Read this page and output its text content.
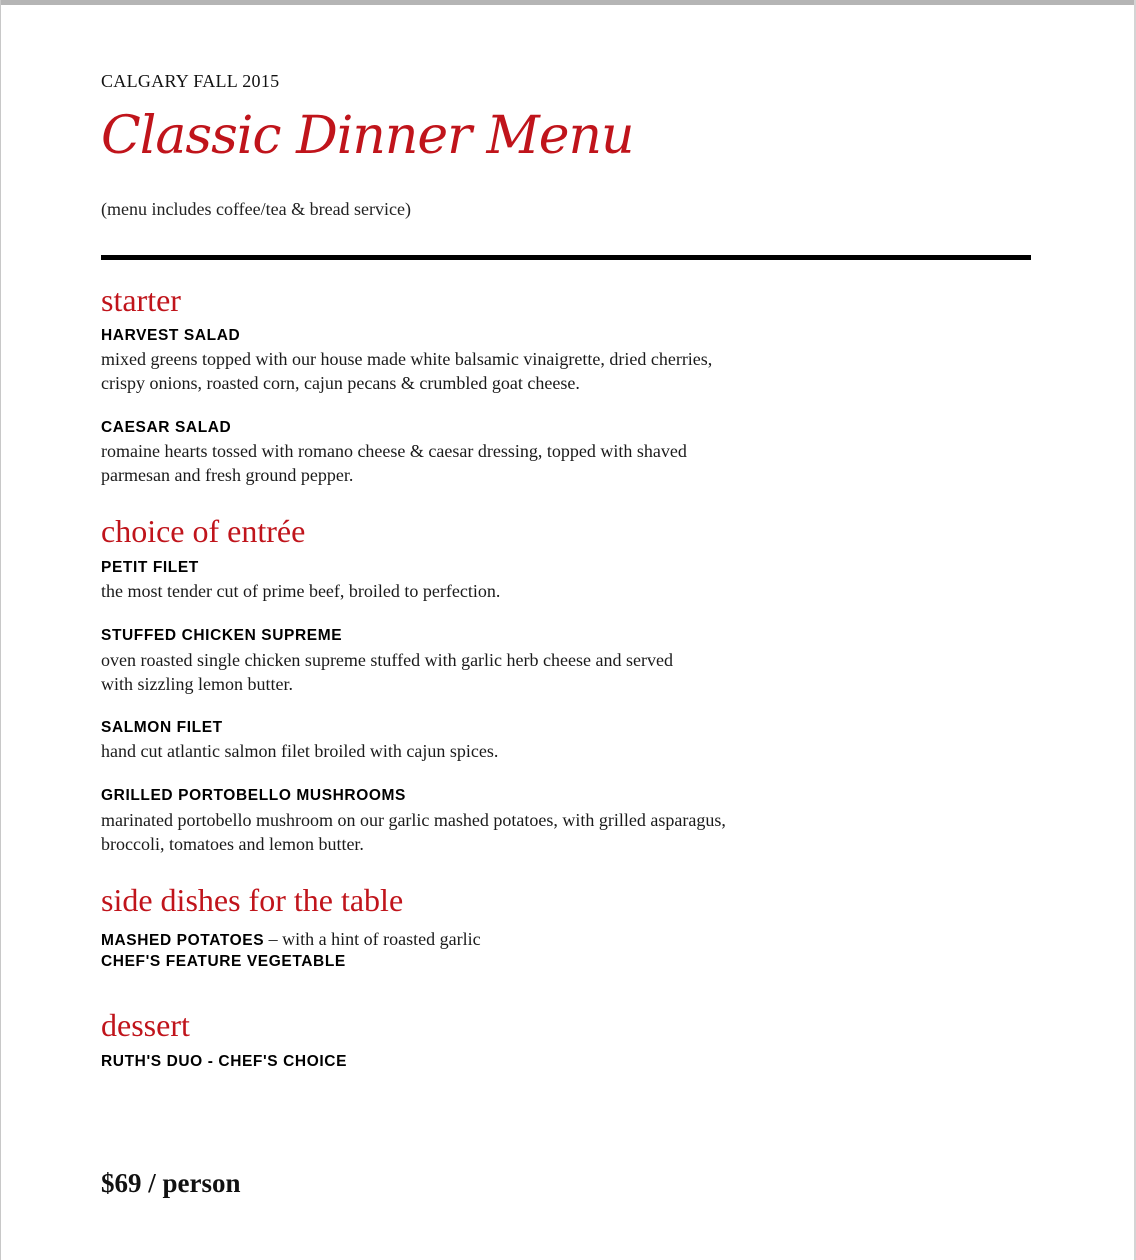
CALGARY FALL 2015
Classic Dinner Menu
(menu includes coffee/tea & bread service)
starter
HARVEST SALAD
mixed greens topped with our house made white balsamic vinaigrette, dried cherries, crispy onions, roasted corn, cajun pecans & crumbled goat cheese.
CAESAR SALAD
romaine hearts tossed with romano cheese & caesar dressing, topped with shaved parmesan and fresh ground pepper.
choice of entrée
PETIT FILET
the most tender cut of prime beef, broiled to perfection.
STUFFED CHICKEN SUPREME
oven roasted single chicken supreme stuffed with garlic herb cheese and served with sizzling lemon butter.
SALMON FILET
hand cut atlantic salmon filet broiled with cajun spices.
GRILLED PORTOBELLO MUSHROOMS
marinated portobello mushroom on our garlic mashed potatoes, with grilled asparagus, broccoli, tomatoes and lemon butter.
side dishes for the table
MASHED POTATOES – with a hint of roasted garlic
CHEF'S FEATURE VEGETABLE
dessert
RUTH'S DUO - CHEF'S CHOICE
$69 / person
